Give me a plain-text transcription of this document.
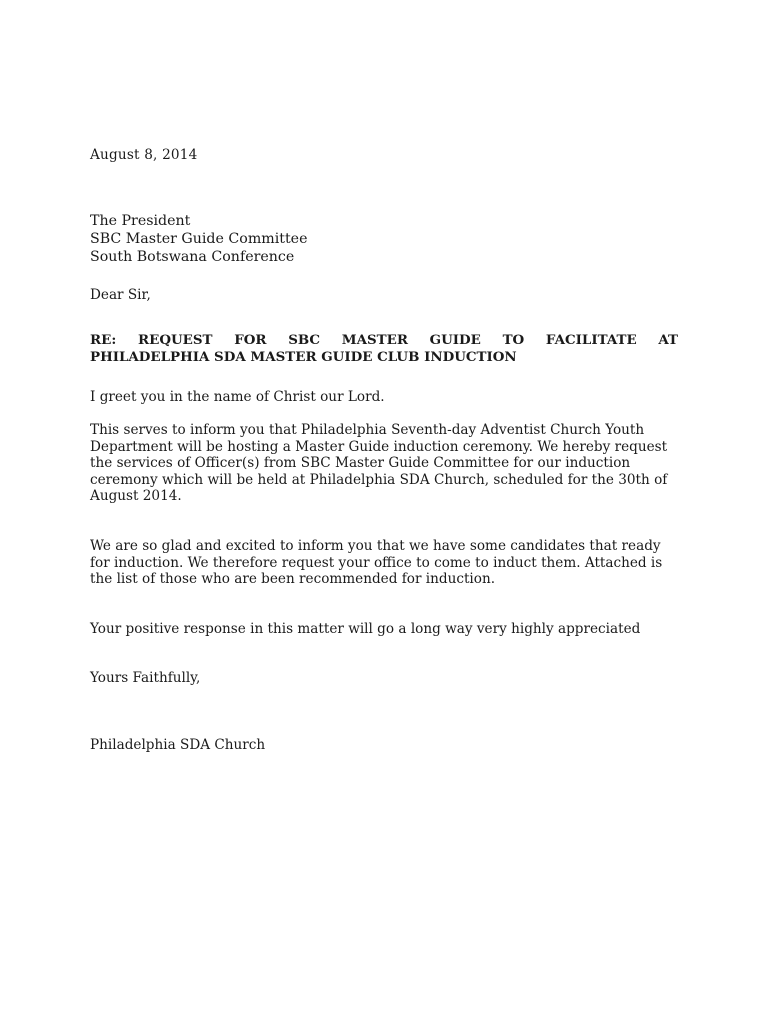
August 8, 2014
The President
SBC Master Guide Committee
South Botswana Conference
Dear Sir,
RE: REQUEST FOR SBC MASTER GUIDE TO FACILITATE AT
PHILADELPHIA SDA MASTER GUIDE CLUB INDUCTION
I greet you in the name of Christ our Lord.
This serves to inform you that Philadelphia Seventh-day Adventist Church Youth
Department will be hosting a Master Guide induction ceremony. We hereby request
the services of Officer(s) from SBC Master Guide Committee for our induction
ceremony which will be held at Philadelphia SDA Church, scheduled for the 30th of
August 2014.
We are so glad and excited to inform you that we have some candidates that ready
for induction. We therefore request your office to come to induct them. Attached is
the list of those who are been recommended for induction.
Your positive response in this matter will go a long way very highly appreciated
Yours Faithfully,
Philadelphia SDA Church
